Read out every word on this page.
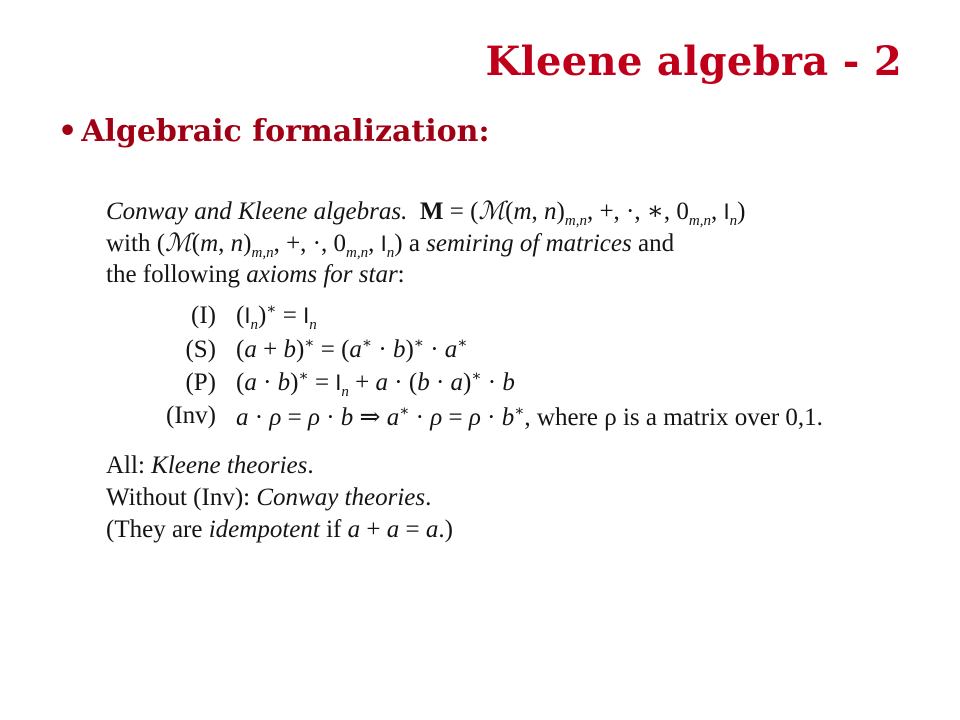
Kleene algebra - 2
• Algebraic formalization:
Conway and Kleene algebras. M = (ℳ(m, $n)_{m,n}$, +, ·, ∗, $0_{m,n}$, $I_n$)
with (ℳ(m, $n)_{m,n}$, +, ·, $0_{m,n}$, $I_n$) a semiring of matrices and
the following axioms for star:
(I) $(I_n)^∗ = I_n$
(S) (a + b)∗ = (a∗ · b)∗ · a∗
(P) $(a \cdot b)^∗ = I_n + a \cdot (b \cdot a)^∗ \cdot b$
(Inv) a · ρ = ρ · b ⇒ a∗ · ρ = ρ · b∗, where ρ is a matrix over 0,1.
All: Kleene theories.
Without (Inv): Conway theories.
(They are idempotent if a + a = a.)
